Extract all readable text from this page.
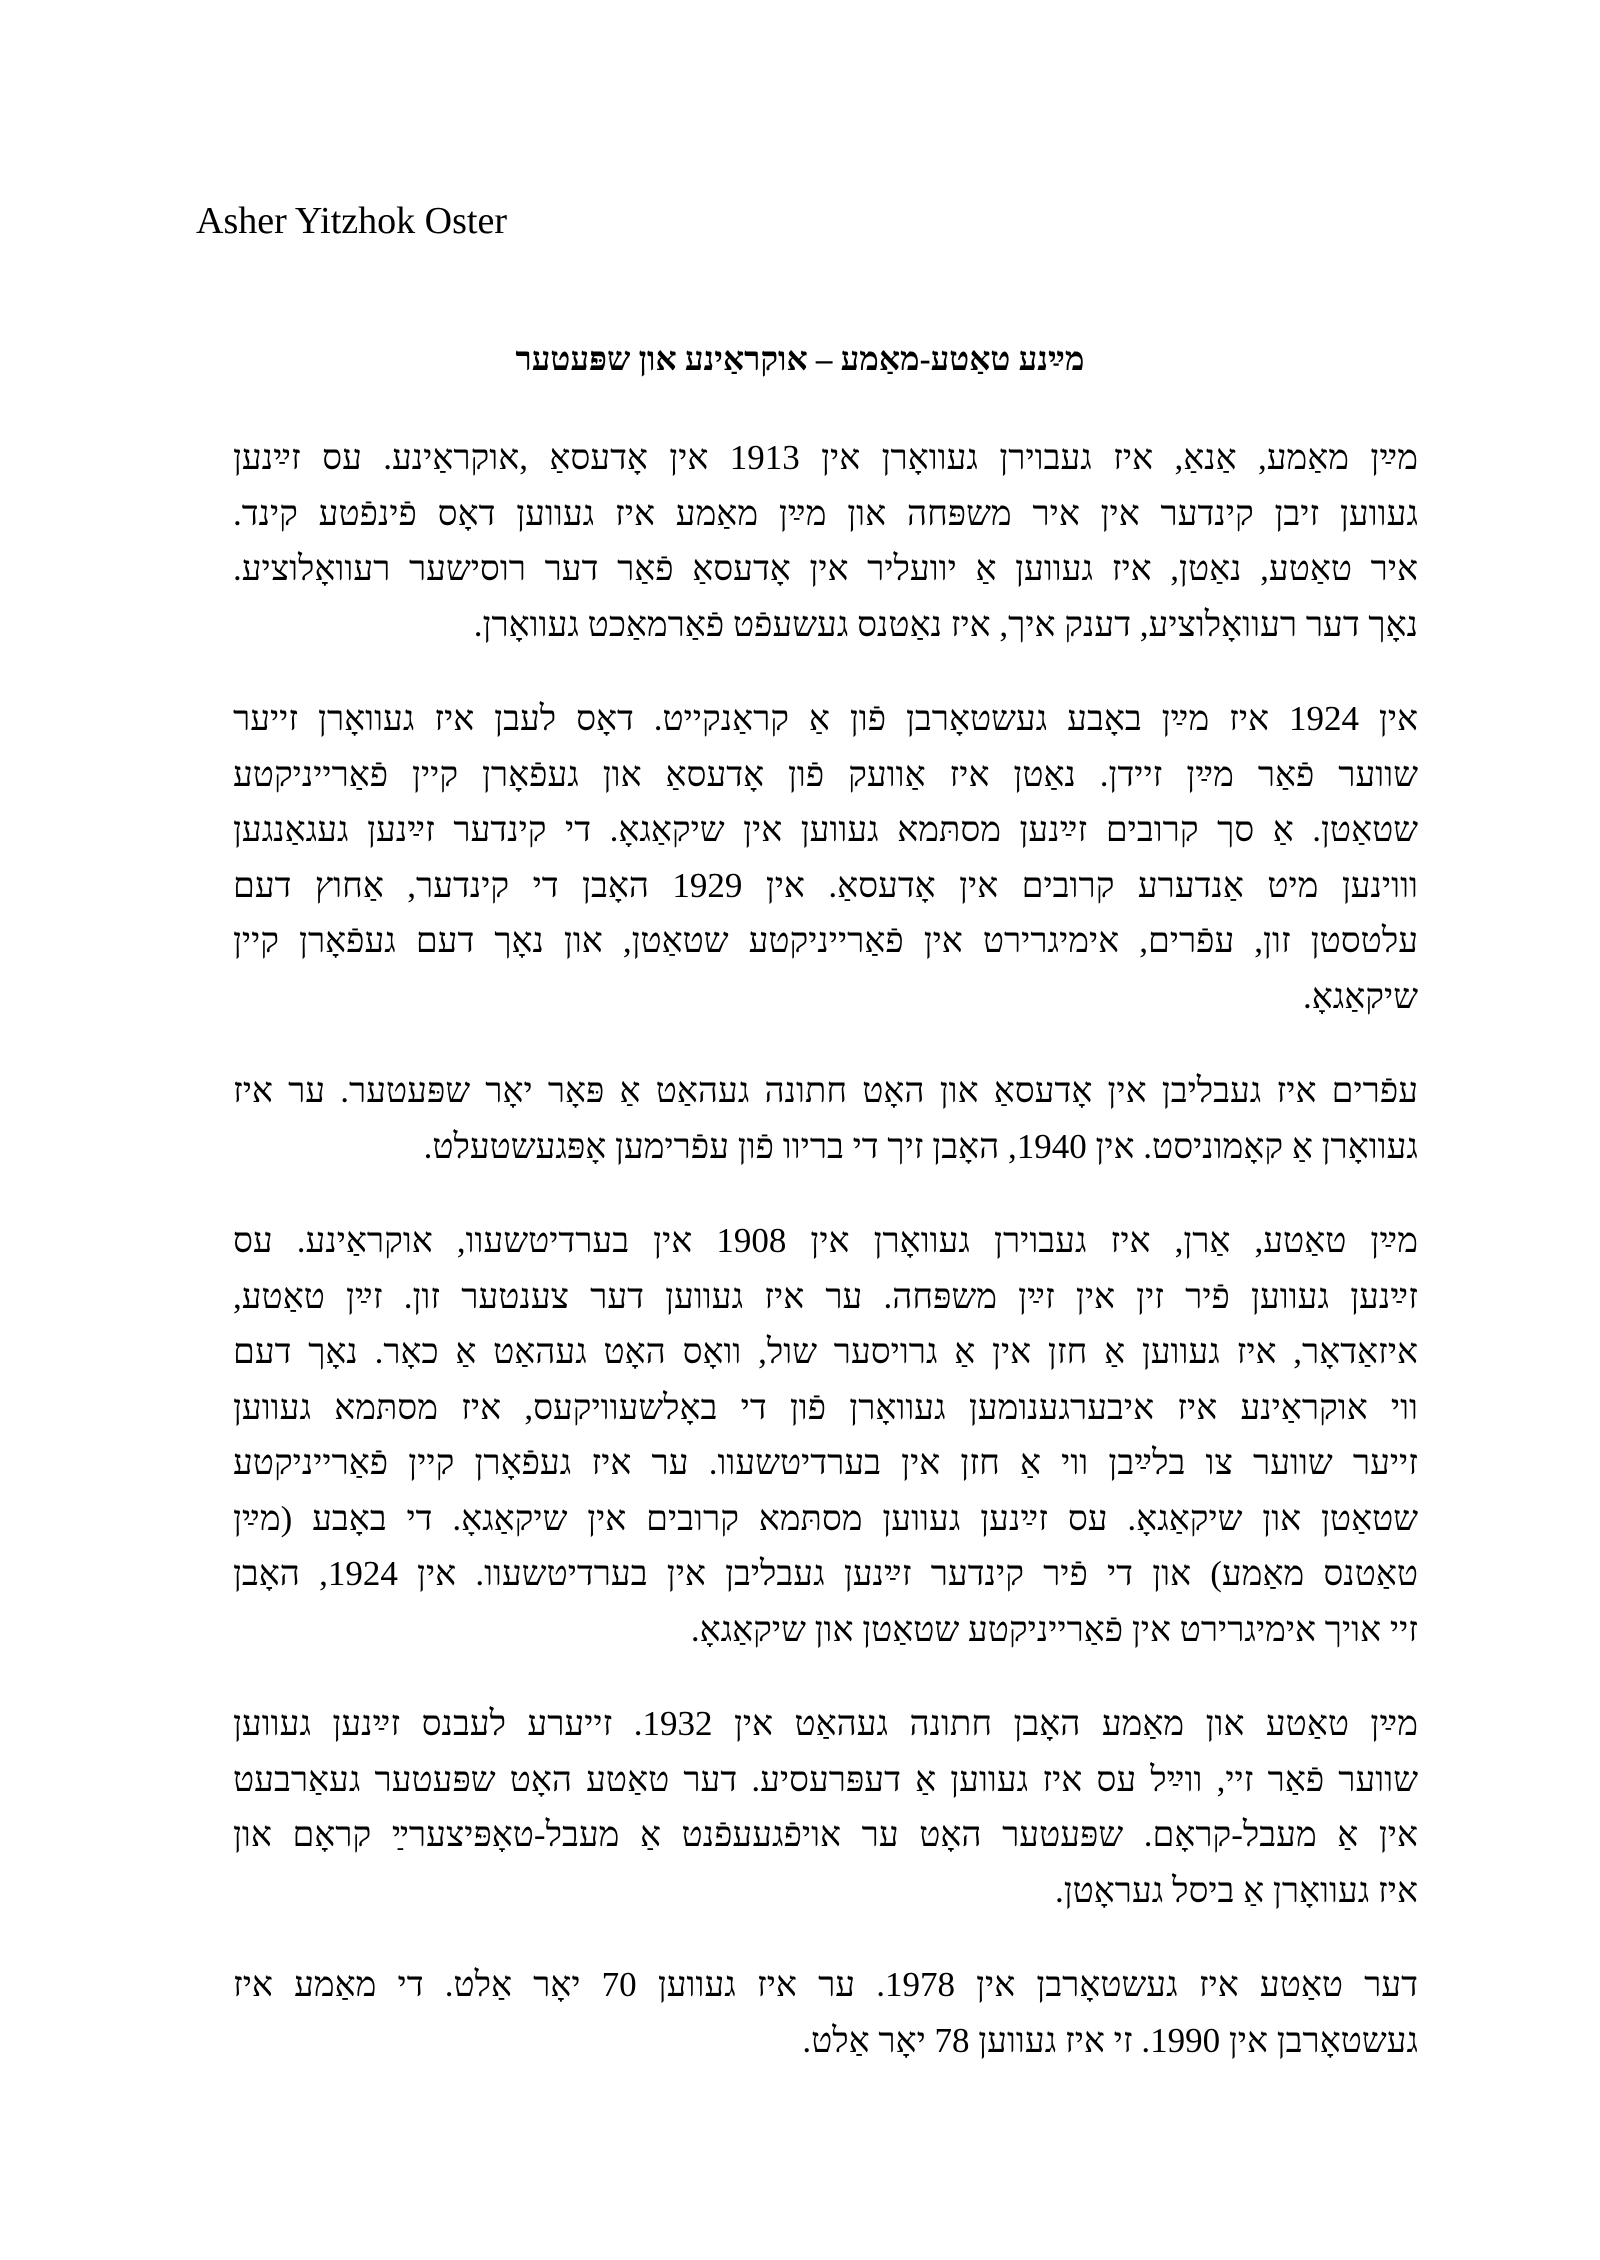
Asher Yitzhok Oster
מײַנע טאַטע-מאַמע – אוקראַינע און שפּעטער
מײַן מאַמע, אַנאַ, איז געבוירן געוואָרן אין 1913 אין אָדעסאַ ,אוקראַינע. עס זײַנען
געווען זיבן קינדער אין איר משפּחה און מײַן מאַמע איז געווען דאָס פֿינפֿטע קינד.
איר טאַטע, נאַטן, איז געווען אַ יוועליר אין אָדעסאַ פֿאַר דער רוסישער רעוואָלוציע.
נאָך דער רעוואָלוציע, דענק איך, איז נאַטנס געשעפֿט פֿאַרמאַכט געוואָרן.
אין 1924 איז מײַן באָבע געשטאָרבן פֿון אַ קראַנקייט. דאָס לעבן איז געוואָרן זייער
שווער פֿאַר מײַן זיידן. נאַטן איז אַוועק פֿון אָדעסאַ און געפֿאָרן קיין פֿאַרייניקטע
שטאַטן. אַ סך קרובים זײַנען מסתּמא געווען אין שיקאַגאָ. די קינדער זײַנען געגאַנגען
וווינען מיט אַנדערע קרובים אין אָדעסאַ. אין 1929 האָבן די קינדער, אַחוץ דעם
עלטסטן זון, עפֿרים, אימיגרירט אין פֿאַרייניקטע שטאַטן, און נאָך דעם געפֿאָרן קיין
שיקאַגאָ.
עפֿרים איז געבליבן אין אָדעסאַ און האָט חתונה געהאַט אַ פּאָר יאָר שפּעטער. ער איז
געוואָרן אַ קאָמוניסט. אין 1940, האָבן זיך די בריוו פֿון עפֿרימען אָפּגעשטעלט.
מײַן טאַטע, אַרן, איז געבוירן געוואָרן אין 1908 אין בערדיטשעוו, אוקראַינע. עס
זײַנען געווען פֿיר זין אין זײַן משפּחה. ער איז געווען דער צענטער זון. זײַן טאַטע,
איזאַדאָר, איז געווען אַ חזן אין אַ גרויסער שול, וואָס האָט געהאַט אַ כאָר. נאָך דעם
ווי אוקראַינע איז איבערגענומען געוואָרן פֿון די באָלשעוויקעס, איז מסתּמא געווען
זייער שווער צו בלײַבן ווי אַ חזן אין בערדיטשעוו. ער איז געפֿאָרן קיין פֿאַרייניקטע
שטאַטן און שיקאַגאָ. עס זײַנען געווען מסתּמא קרובים אין שיקאַגאָ. די באָבע (מײַן
טאַטנס מאַמע) און די פֿיר קינדער זײַנען געבליבן אין בערדיטשעוו. אין 1924, האָבן
זיי אויך אימיגרירט אין פֿאַרייניקטע שטאַטן און שיקאַגאָ.
מײַן טאַטע און מאַמע האָבן חתונה געהאַט אין 1932. זייערע לעבנס זײַנען געווען
שווער פֿאַר זיי, ווײַל עס איז געווען אַ דעפּרעסיע. דער טאַטע האָט שפּעטער געאַרבעט
אין אַ מעבל-קראָם. שפּעטער האָט ער אויפֿגעעפֿנט אַ מעבל-טאָפּיצערײַ קראָם און
איז געוואָרן אַ ביסל געראָטן.
דער טאַטע איז געשטאָרבן אין 1978. ער איז געווען 70 יאָר אַלט. די מאַמע איז
געשטאָרבן אין 1990. זי איז געווען 78 יאָר אַלט.
